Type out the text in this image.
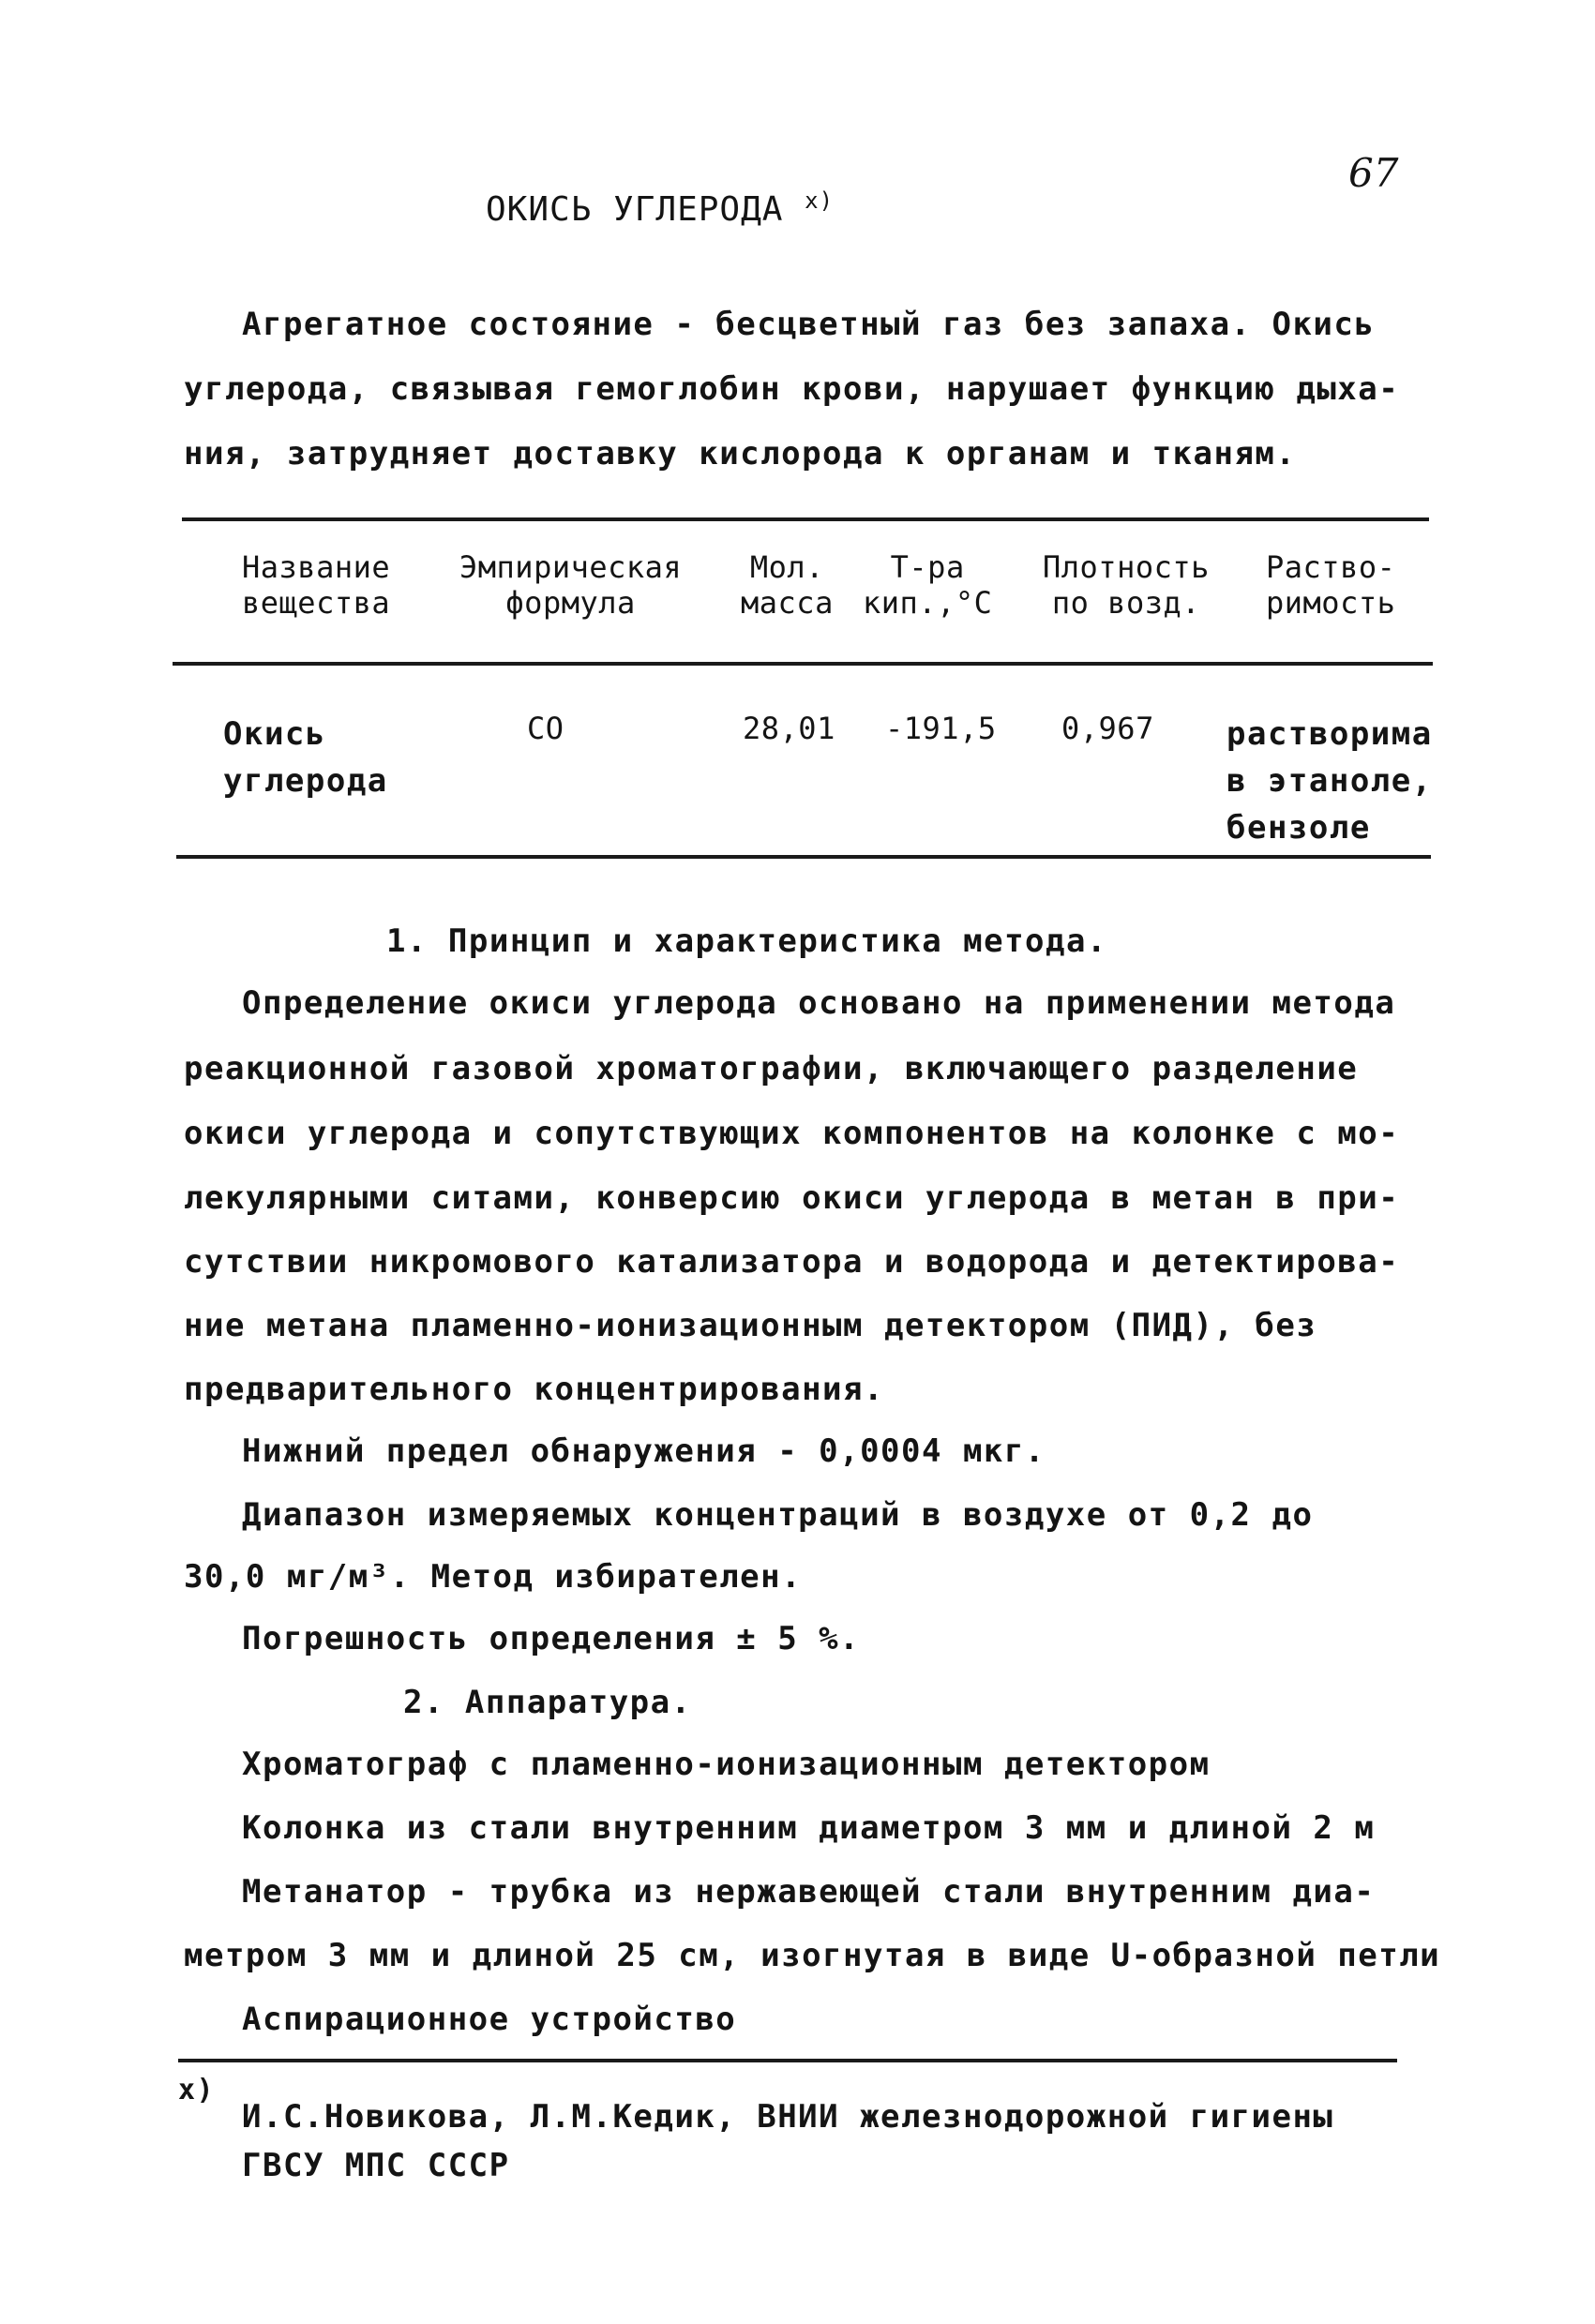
67
ОКИСЬ УГЛЕРОДА $^{х)}$
Агрегатное состояние - бесцветный газ без запаха. Окись
углерода, связывая гемоглобин крови, нарушает функцию дыха-
ния, затрудняет доставку кислорода к органам и тканям.
Название
вещества
Эмпирическая
формула
Мол.
масса
Т-ра
кип.,°С
Плотность
по возд.
Раство-
римость
Окись
углерода
СО	28,01 -191,5 0,967 растворима
в этаноле,
бензоле
1. Принцип и характеристика метода.
Определение окиси углерода основано на применении метода
реакционной газовой хроматографии, включающего разделение
окиси углерода и сопутствующих компонентов на колонке с мо-
лекулярными ситами, конверсию окиси углерода в метан в при-
сутствии никромового катализатора и водорода и детектирова-
ние метана пламенно-ионизационным детектором (ПИД), без
предварительного концентрирования.
Нижний предел обнаружения - 0,0004 мкг.
Диапазон измеряемых концентраций в воздухе от 0,2 до
30,0 мг/м³. Метод избирателен.
Погрешность определения ± 5 %.
2. Аппаратура.
Хроматограф с пламенно-ионизационным детектором
Колонка из стали внутренним диаметром 3 мм и длиной 2 м
Метанатор - трубка из нержавеющей стали внутренним диа-
метром 3 мм и длиной 25 см, изогнутая в виде U-образной петли
Аспирационное устройство
х)
И.С.Новикова, Л.М.Кедик, ВНИИ железнодорожной гигиены
ГВСУ МПС СССР
